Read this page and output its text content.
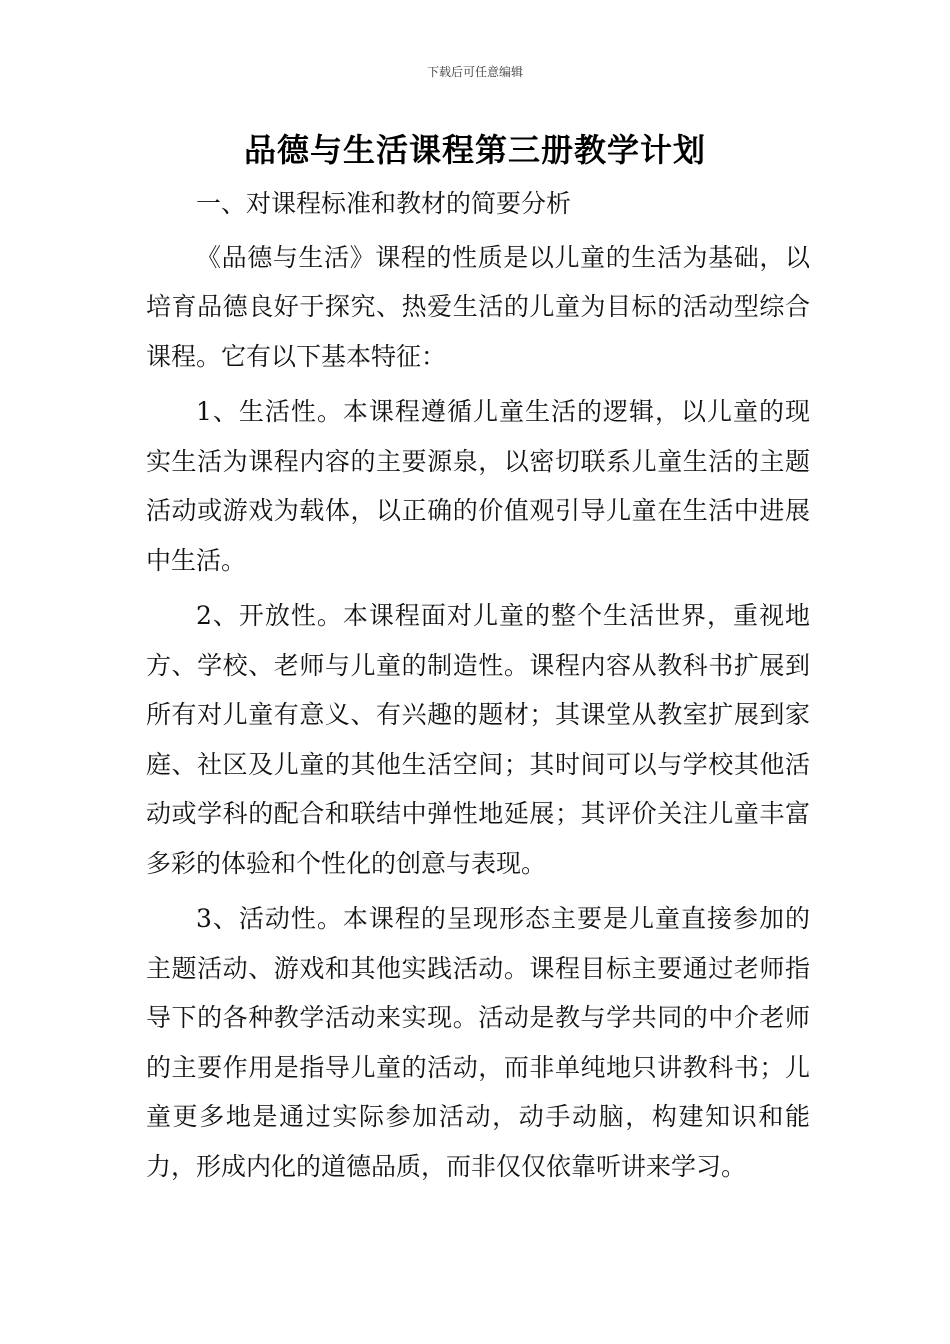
下载后可任意编辑
品德与生活课程第三册教学计划

一、对课程标准和教材的简要分析

《品德与生活》课程的性质是以儿童的生活为基础，以培育品德良好于探究、热爱生活的儿童为目标的活动型综合课程。它有以下基本特征：

1、生活性。本课程遵循儿童生活的逻辑，以儿童的现实生活为课程内容的主要源泉，以密切联系儿童生活的主题活动或游戏为载体，以正确的价值观引导儿童在生活中进展中生活。

2、开放性。本课程面对儿童的整个生活世界，重视地方、学校、老师与儿童的制造性。课程内容从教科书扩展到所有对儿童有意义、有兴趣的题材；其课堂从教室扩展到家庭、社区及儿童的其他生活空间；其时间可以与学校其他活动或学科的配合和联结中弹性地延展；其评价关注儿童丰富多彩的体验和个性化的创意与表现。

3、活动性。本课程的呈现形态主要是儿童直接参加的主题活动、游戏和其他实践活动。课程目标主要通过老师指导下的各种教学活动来实现。活动是教与学共同的中介老师的主要作用是指导儿童的活动，而非单纯地只讲教科书；儿童更多地是通过实际参加活动，动手动脑，构建知识和能力，形成内化的道德品质，而非仅仅依靠听讲来学习。
